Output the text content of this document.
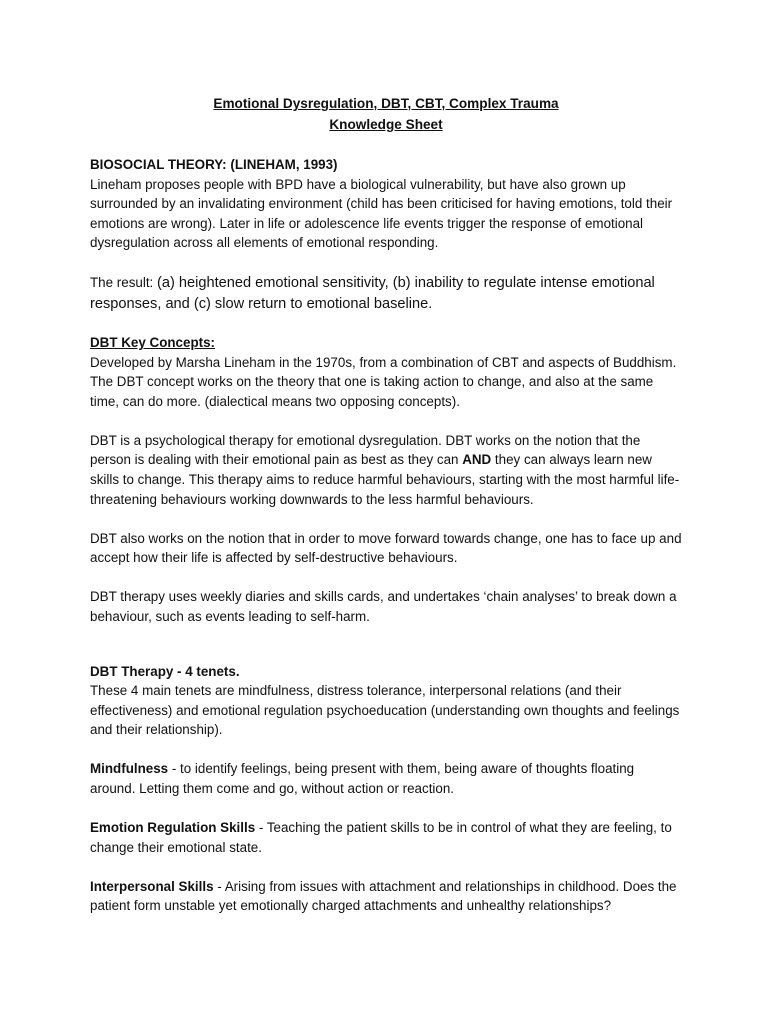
Emotional Dysregulation, DBT, CBT, Complex Trauma

Knowledge Sheet

BIOSOCIAL THEORY: (LINEHAM, 1993)

Lineham proposes people with BPD have a biological vulnerability, but have also grown up surrounded by an invalidating environment (child has been criticised for having emotions, told their emotions are wrong). Later in life or adolescence life events trigger the response of emotional dysregulation across all elements of emotional responding.

The result: (a) heightened emotional sensitivity, (b) inability to regulate intense emotional responses, and (c) slow return to emotional baseline.

DBT Key Concepts:

Developed by Marsha Lineham in the 1970s, from a combination of CBT and aspects of Buddhism. The DBT concept works on the theory that one is taking action to change, and also at the same time, can do more. (dialectical means two opposing concepts).

DBT is a psychological therapy for emotional dysregulation. DBT works on the notion that the person is dealing with their emotional pain as best as they can AND they can always learn new skills to change. This therapy aims to reduce harmful behaviours, starting with the most harmful life-threatening behaviours working downwards to the less harmful behaviours.

DBT also works on the notion that in order to move forward towards change, one has to face up and accept how their life is affected by self-destructive behaviours.

DBT therapy uses weekly diaries and skills cards, and undertakes ‘chain analyses’ to break down a behaviour, such as events leading to self-harm.

DBT Therapy - 4 tenets.

These 4 main tenets are mindfulness, distress tolerance, interpersonal relations (and their effectiveness) and emotional regulation psychoeducation (understanding own thoughts and feelings and their relationship).

Mindfulness - to identify feelings, being present with them, being aware of thoughts floating around. Letting them come and go, without action or reaction.

Emotion Regulation Skills - Teaching the patient skills to be in control of what they are feeling, to change their emotional state.

Interpersonal Skills - Arising from issues with attachment and relationships in childhood. Does the patient form unstable yet emotionally charged attachments and unhealthy relationships?
